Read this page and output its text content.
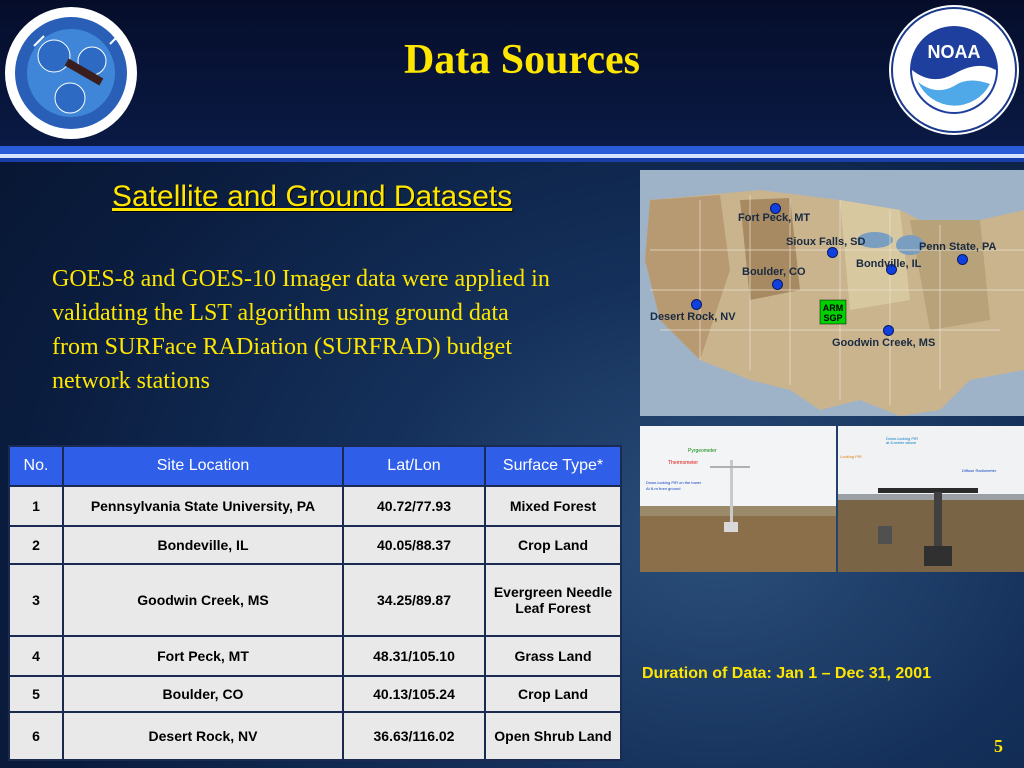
Data Sources	NOAA
Satellite and Ground Datasets
GOES-8 and GOES-10 Imager data were applied in validating the LST algorithm using ground data from SURFace RADiation (SURFRAD) budget network stations
No.	Site Location	Lat/Lon	Surface Type*
1	Pennsylvania State University, PA	40.72/77.93	Mixed Forest
2	Bondeville, IL	40.05/88.37	Crop Land
3	Goodwin Creek, MS	34.25/89.87	Evergreen Needle Leaf Forest
4	Fort Peck, MT	48.31/105.10	Grass Land
5	Boulder, CO	40.13/105.24	Crop Land
6	Desert Rock, NV	36.63/116.02	Open Shrub Land
Fort Peck, MT
Sioux Falls, SD	Penn State, PA
Bondville, IL
Boulder, CO
Desert Rock, NV
Goodwin Creek, MS
ARM SGP
Pyrgeometer
Thermometer
Down-looking PIR on the tower
At 8-m from ground
Down-looking PIR
at 8-meter above
Looking PIR
Diffuse Radiometer
Duration of Data: Jan 1 – Dec 31, 2001
5
